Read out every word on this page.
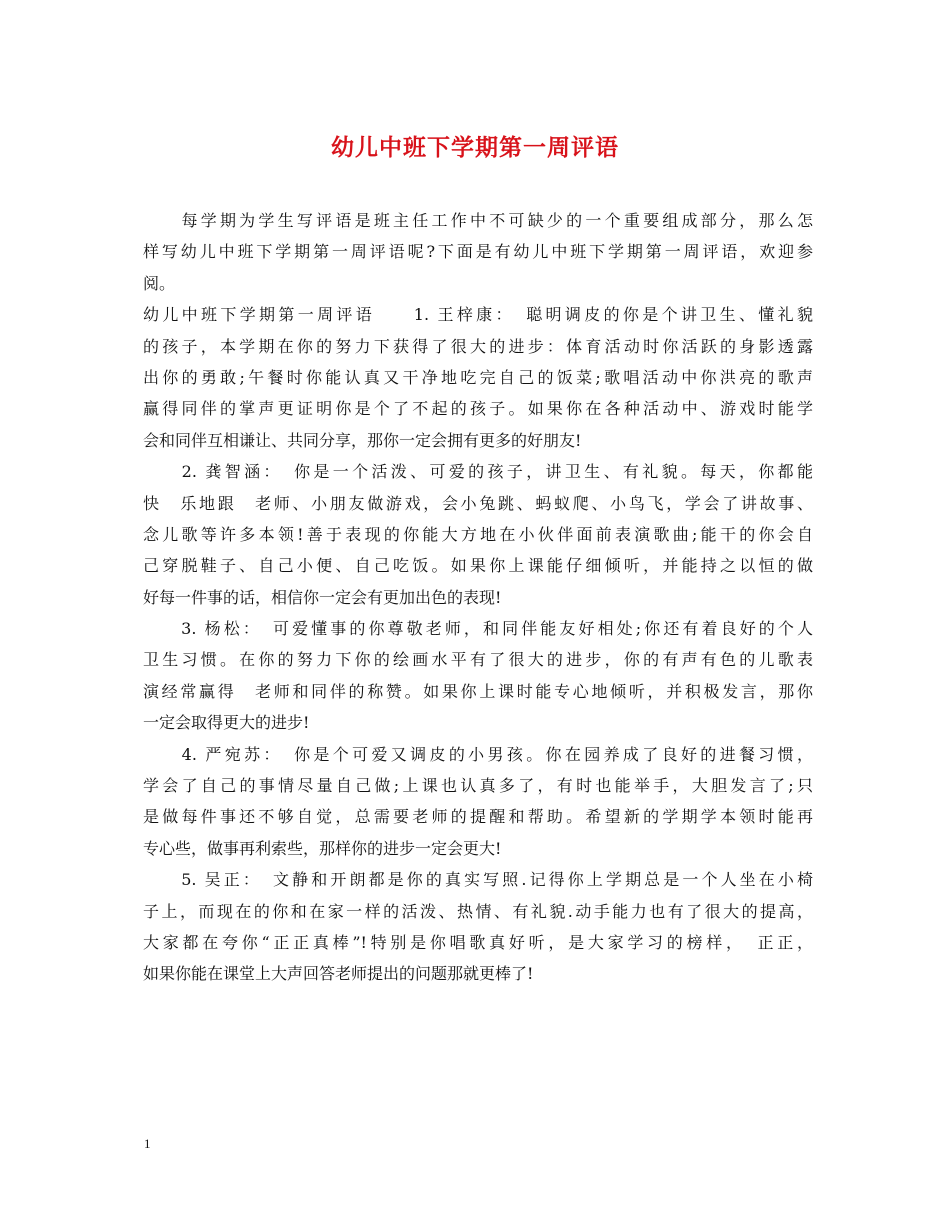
幼儿中班下学期第一周评语
　　每学期为学生写评语是班主任工作中不可缺少的一个重要组成部分，那么怎
样写幼儿中班下学期第一周评语呢?下面是有幼儿中班下学期第一周评语，欢迎参
阅。
幼儿中班下学期第一周评语　　1. 王梓康：　聪明调皮的你是个讲卫生、懂礼貌
的孩子，本学期在你的努力下获得了很大的进步：体育活动时你活跃的身影透露
出你的勇敢;午餐时你能认真又干净地吃完自己的饭菜;歌唱活动中你洪亮的歌声
赢得同伴的掌声更证明你是个了不起的孩子。如果你在各种活动中、游戏时能学
会和同伴互相谦让、共同分享，那你一定会拥有更多的好朋友!
　　2. 龚智涵：　你是一个活泼、可爱的孩子，讲卫生、有礼貌。每天，你都能
快　乐地跟　老师、小朋友做游戏，会小兔跳、蚂蚁爬、小鸟飞，学会了讲故事、
念儿歌等许多本领!善于表现的你能大方地在小伙伴面前表演歌曲;能干的你会自
己穿脱鞋子、自己小便、自己吃饭。如果你上课能仔细倾听，并能持之以恒的做
好每一件事的话，相信你一定会有更加出色的表现!
　　3. 杨松：　可爱懂事的你尊敬老师，和同伴能友好相处;你还有着良好的个人
卫生习惯。在你的努力下你的绘画水平有了很大的进步，你的有声有色的儿歌表
演经常赢得　老师和同伴的称赞。如果你上课时能专心地倾听，并积极发言，那你
一定会取得更大的进步!
　　4. 严宛苏：　你是个可爱又调皮的小男孩。你在园养成了良好的进餐习惯，
学会了自己的事情尽量自己做;上课也认真多了，有时也能举手，大胆发言了;只
是做每件事还不够自觉，总需要老师的提醒和帮助。希望新的学期学本领时能再
专心些，做事再利索些，那样你的进步一定会更大!
　　5. 吴正：　文静和开朗都是你的真实写照.记得你上学期总是一个人坐在小椅
子上，而现在的你和在家一样的活泼、热情、有礼貌.动手能力也有了很大的提高，
大家都在夸你“正正真棒”!特别是你唱歌真好听，是大家学习的榜样，　正正，
如果你能在课堂上大声回答老师提出的问题那就更棒了!
1
